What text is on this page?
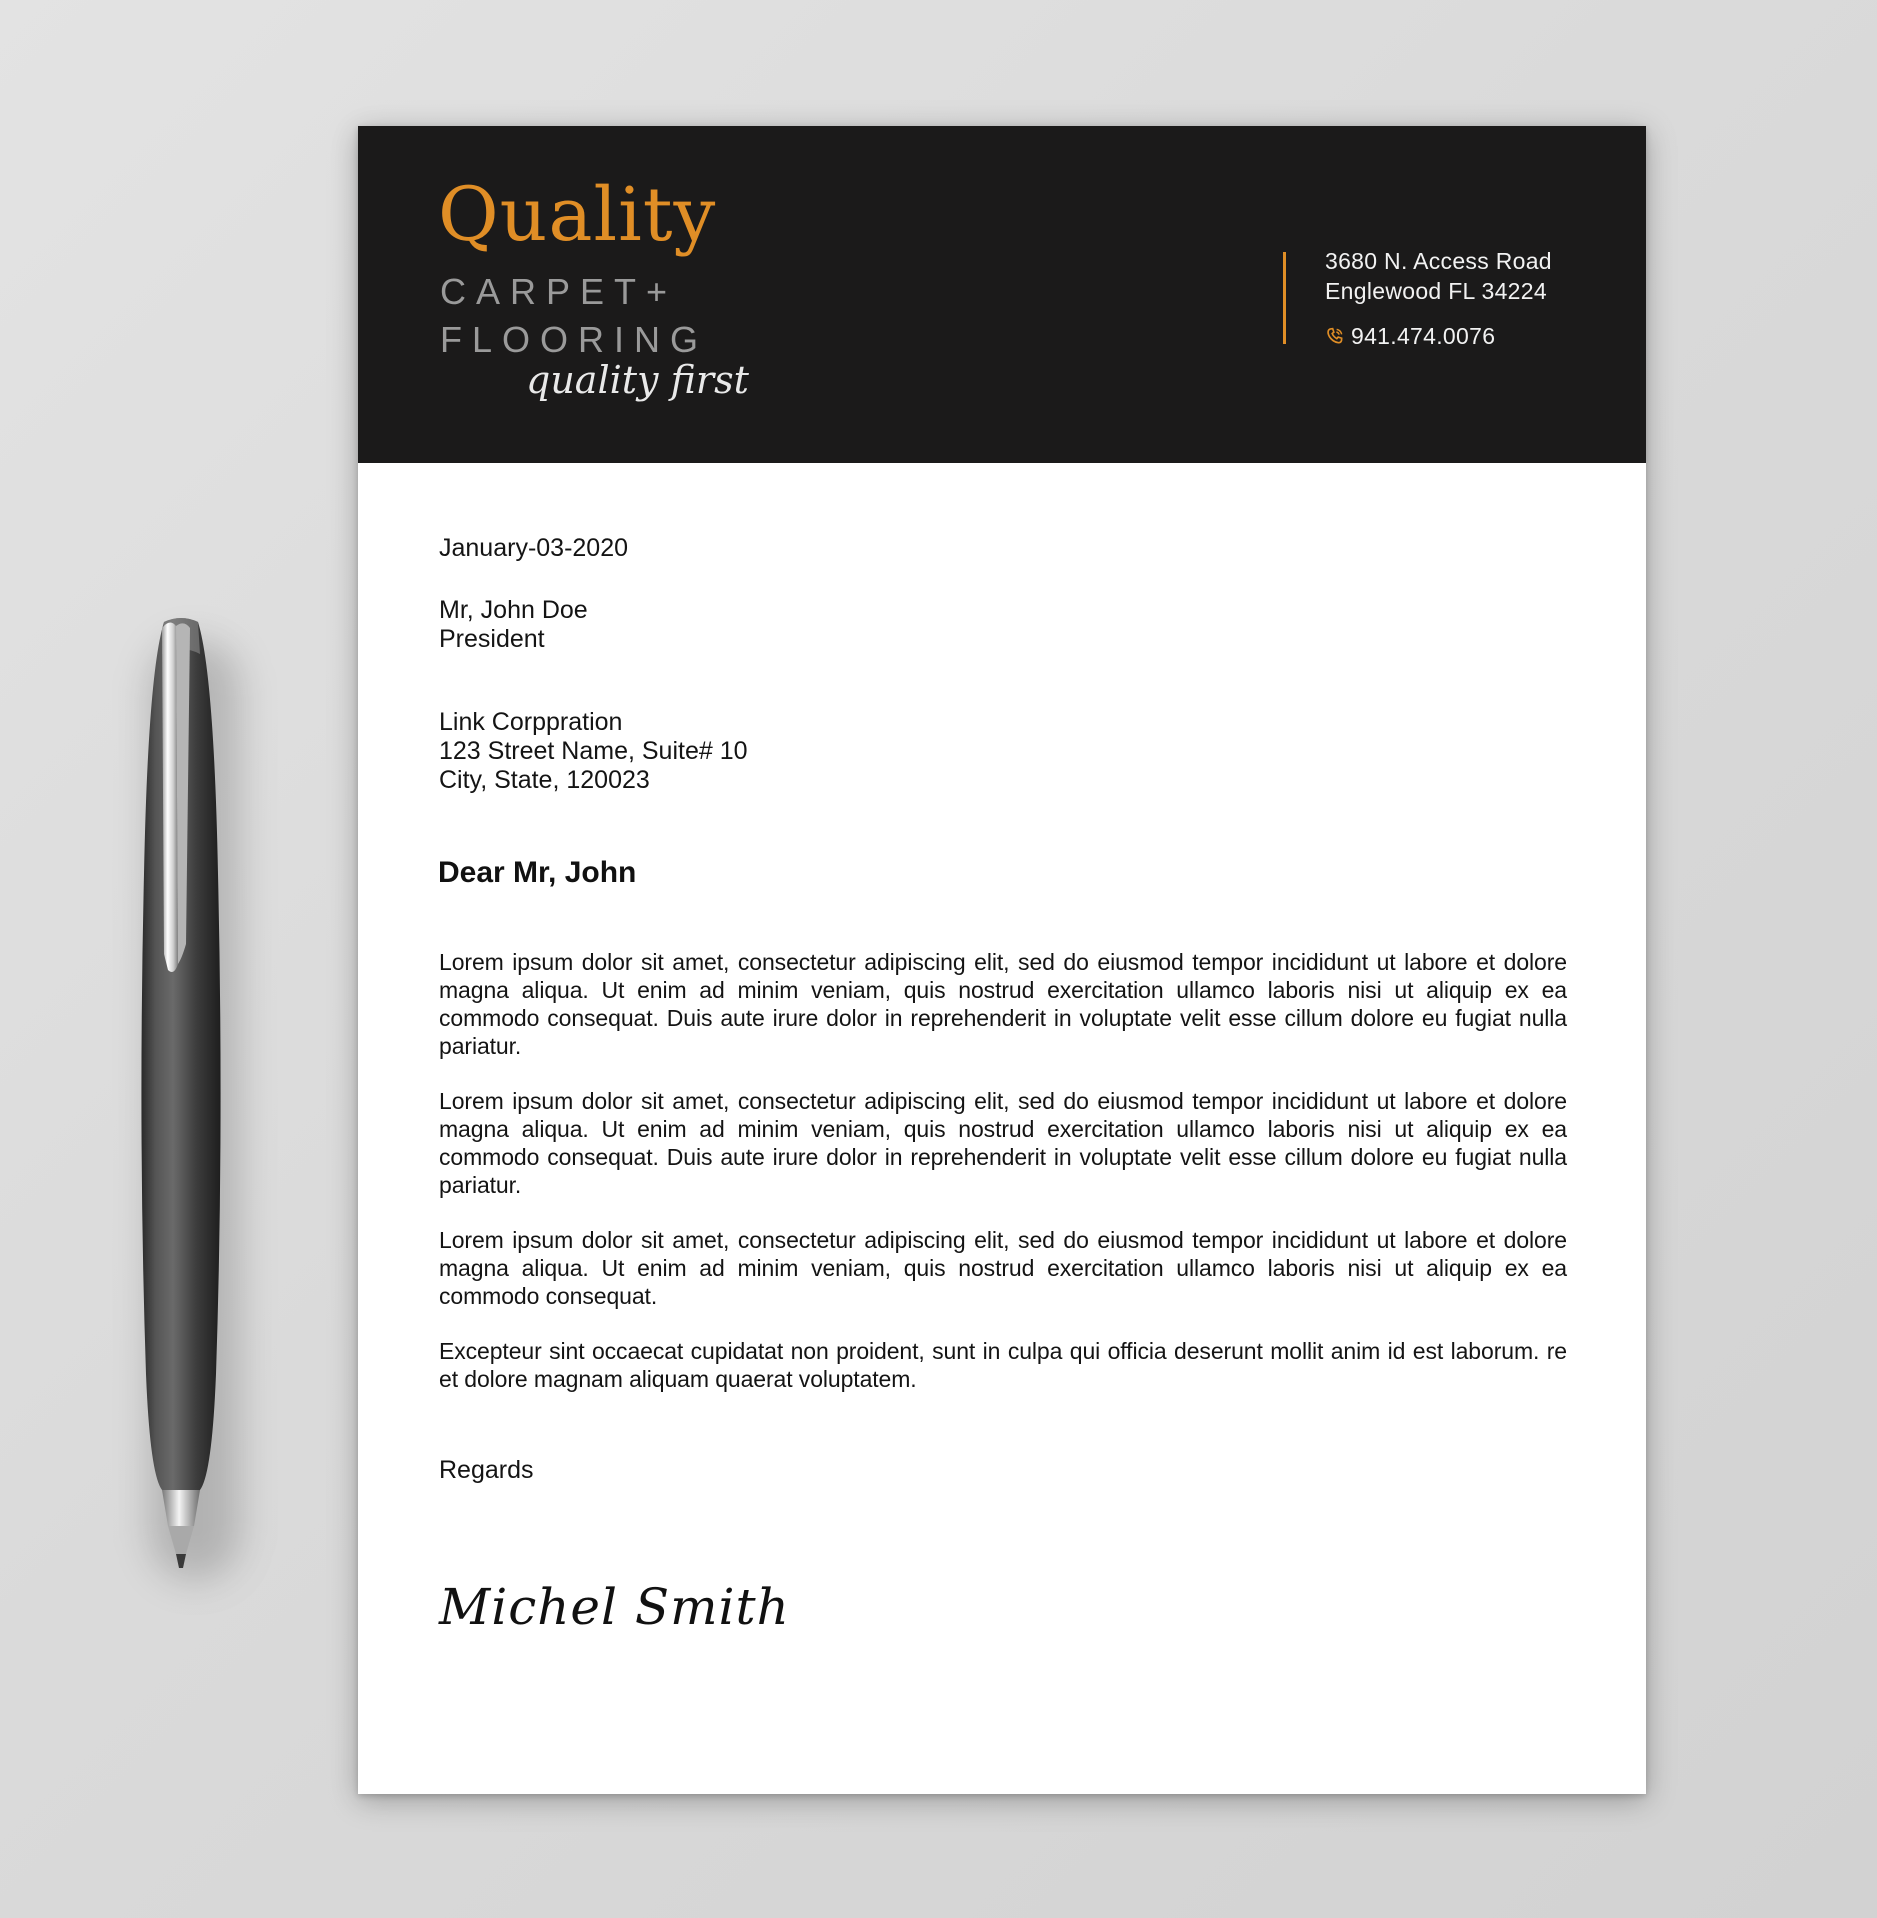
Quality
CARPET+
FLOORING
quality first
3680 N. Access Road
Englewood FL 34224
941.474.0076
January-03-2020
Mr, John Doe
President
Link Corppration
123 Street Name, Suite# 10
City, State, 120023
Dear Mr, John

Lorem ipsum dolor sit amet, consectetur adipiscing elit, sed do eiusmod tempor incididunt ut labore et dolore magna aliqua. Ut enim ad minim veniam, quis nostrud exercitation ullamco laboris nisi ut aliquip ex ea commodo consequat. Duis aute irure dolor in reprehenderit in voluptate velit esse cillum dolore eu fugiat nulla pariatur.

Lorem ipsum dolor sit amet, consectetur adipiscing elit, sed do eiusmod tempor incididunt ut labore et dolore magna aliqua. Ut enim ad minim veniam, quis nostrud exercitation ullamco laboris nisi ut aliquip ex ea commodo consequat. Duis aute irure dolor in reprehenderit in voluptate velit esse cillum dolore eu fugiat nulla pariatur.

Lorem ipsum dolor sit amet, consectetur adipiscing elit, sed do eiusmod tempor incididunt ut labore et dolore magna aliqua. Ut enim ad minim veniam, quis nostrud exercitation ullamco laboris nisi ut aliquip ex ea commodo consequat.

Excepteur sint occaecat cupidatat non proident, sunt in culpa qui officia deserunt mollit anim id est laborum. re et dolore magnam aliquam quaerat voluptatem.

Regards
Michel Smith
